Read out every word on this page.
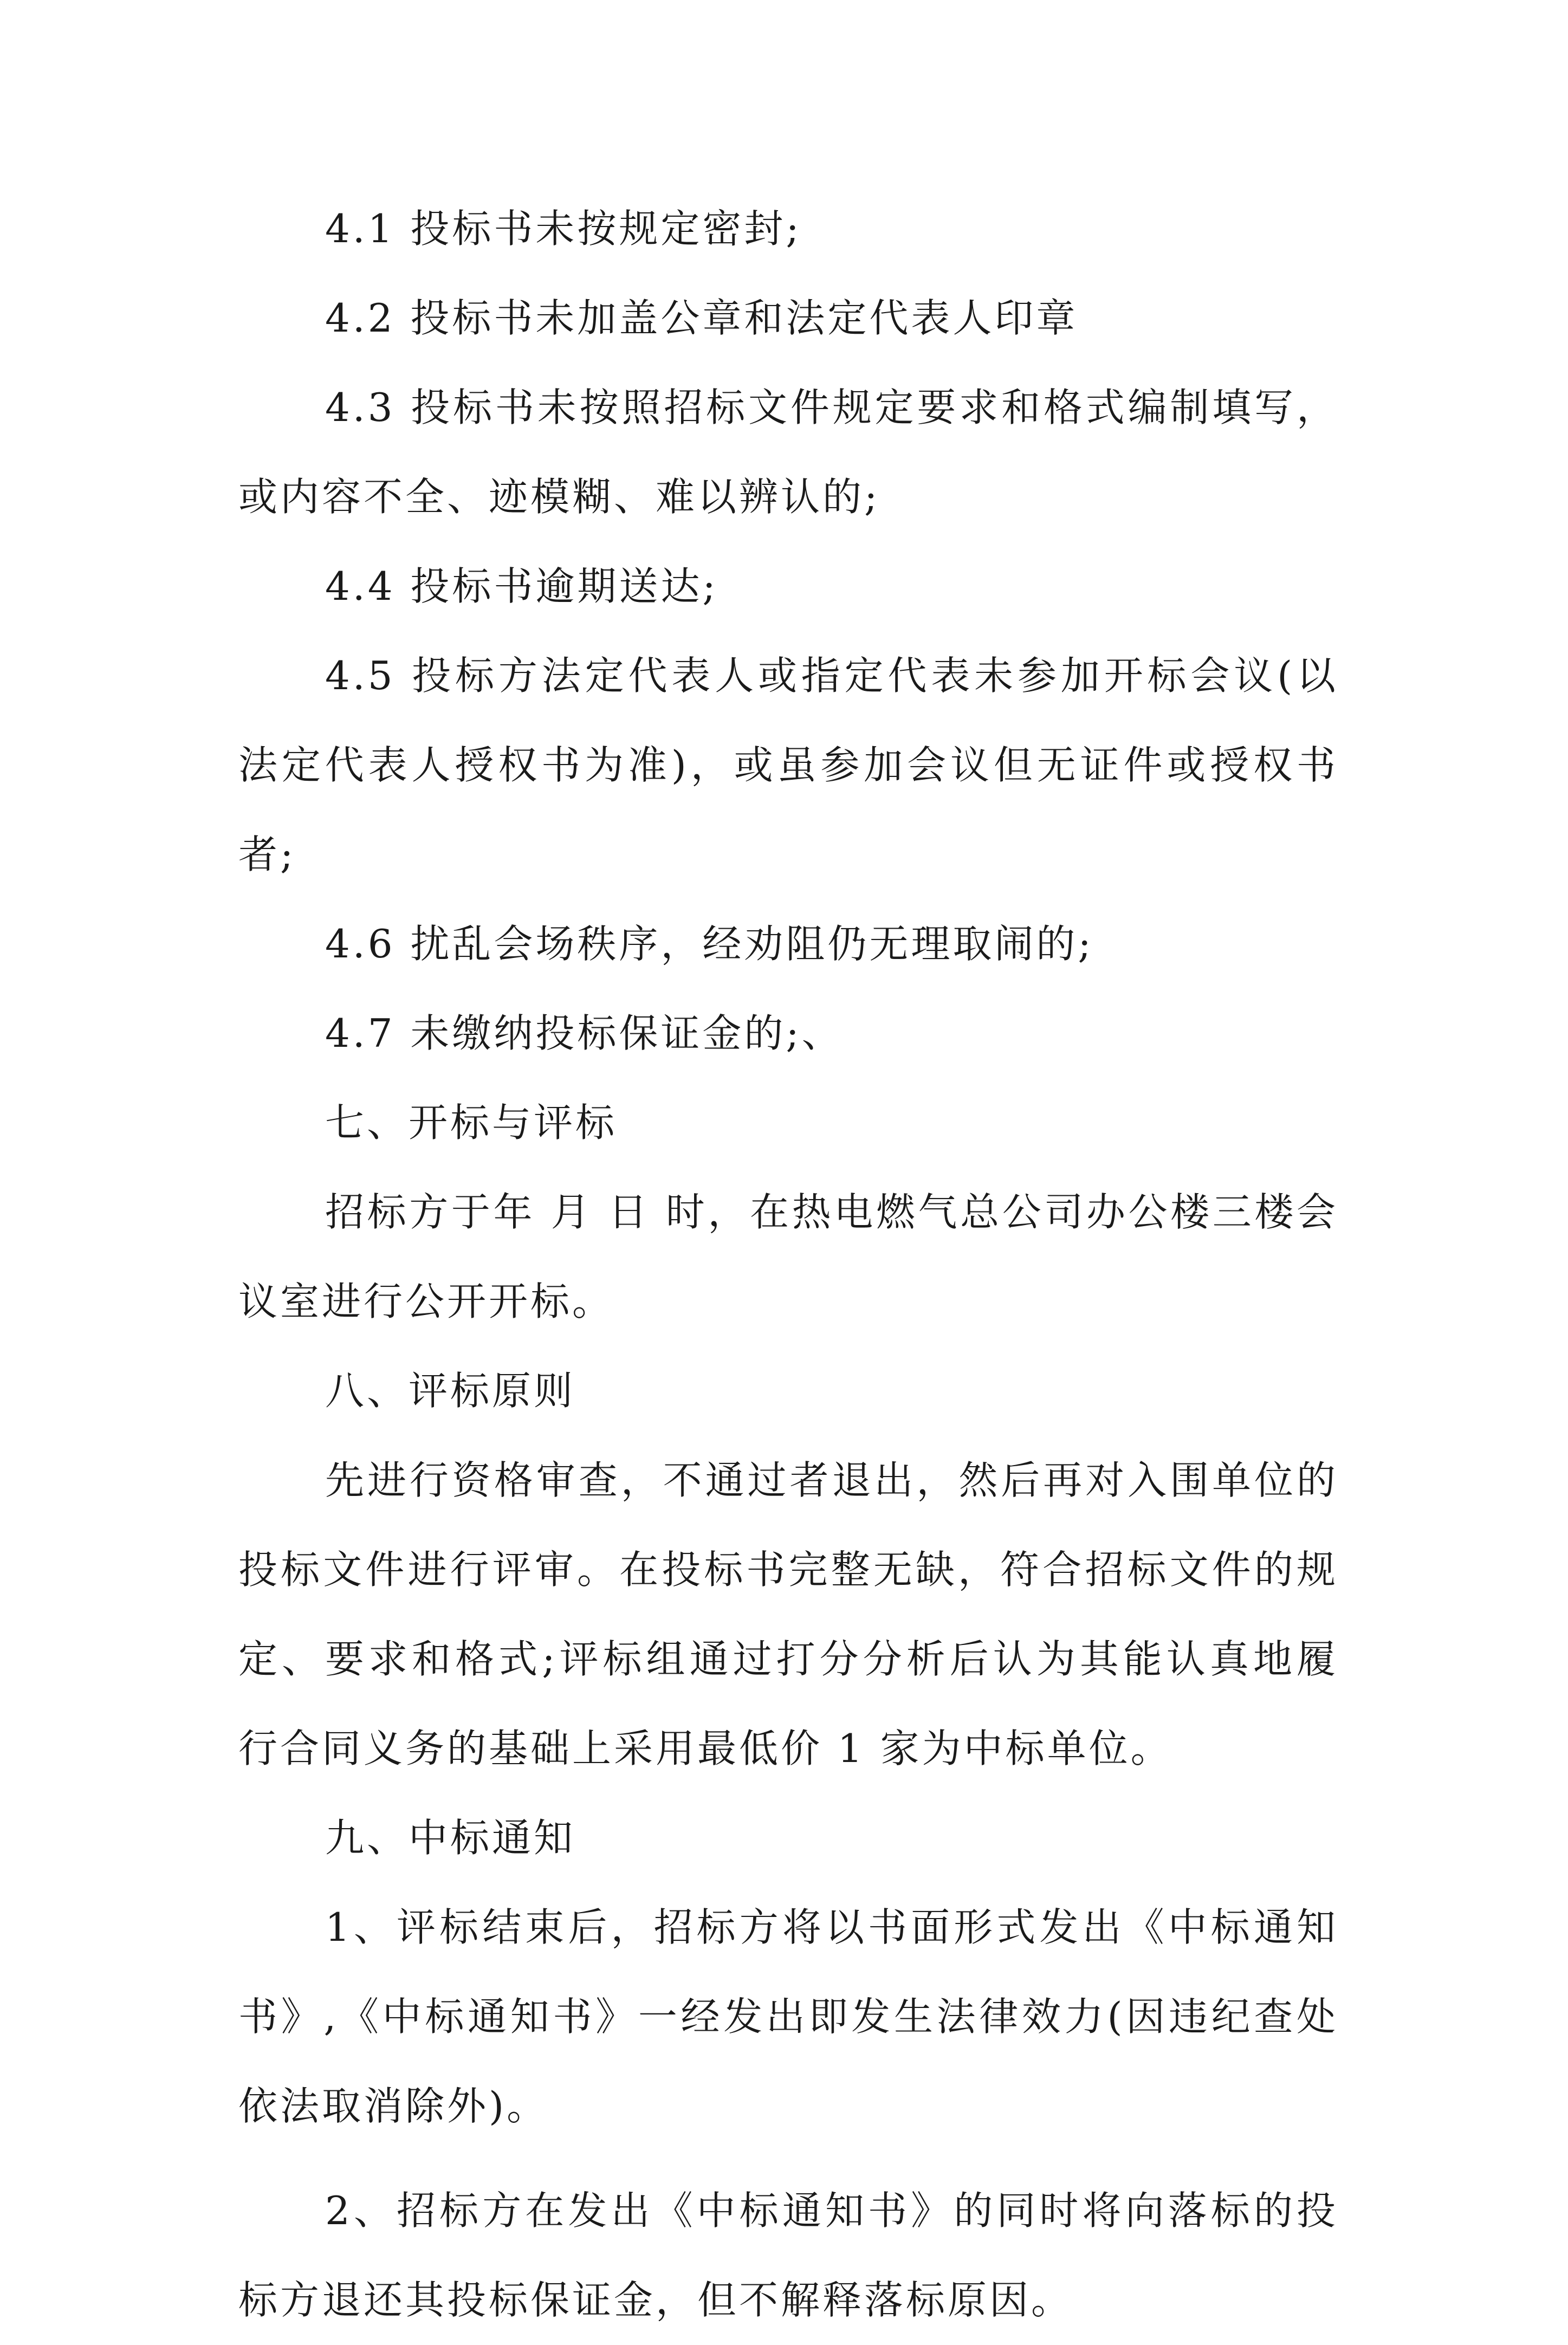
4.1 投标书未按规定密封;

4.2 投标书未加盖公章和法定代表人印章

4.3 投标书未按照招标文件规定要求和格式编制填写，或内容不全、迹模糊、难以辨认的;

4.4 投标书逾期送达;

4.5 投标方法定代表人或指定代表未参加开标会议(以法定代表人授权书为准)，或虽参加会议但无证件或授权书者;

4.6 扰乱会场秩序，经劝阻仍无理取闹的;

4.7 未缴纳投标保证金的;、

七、开标与评标

招标方于年 月 日 时，在热电燃气总公司办公楼三楼会议室进行公开开标。

八、评标原则

先进行资格审查，不通过者退出，然后再对入围单位的投标文件进行评审。在投标书完整无缺，符合招标文件的规定、要求和格式;评标组通过打分分析后认为其能认真地履行合同义务的基础上采用最低价 1 家为中标单位。

九、中标通知

1、评标结束后，招标方将以书面形式发出《中标通知书》,《中标通知书》一经发出即发生法律效力(因违纪查处依法取消除外)。

2、招标方在发出《中标通知书》的同时将向落标的投标方退还其投标保证金，但不解释落标原因。
